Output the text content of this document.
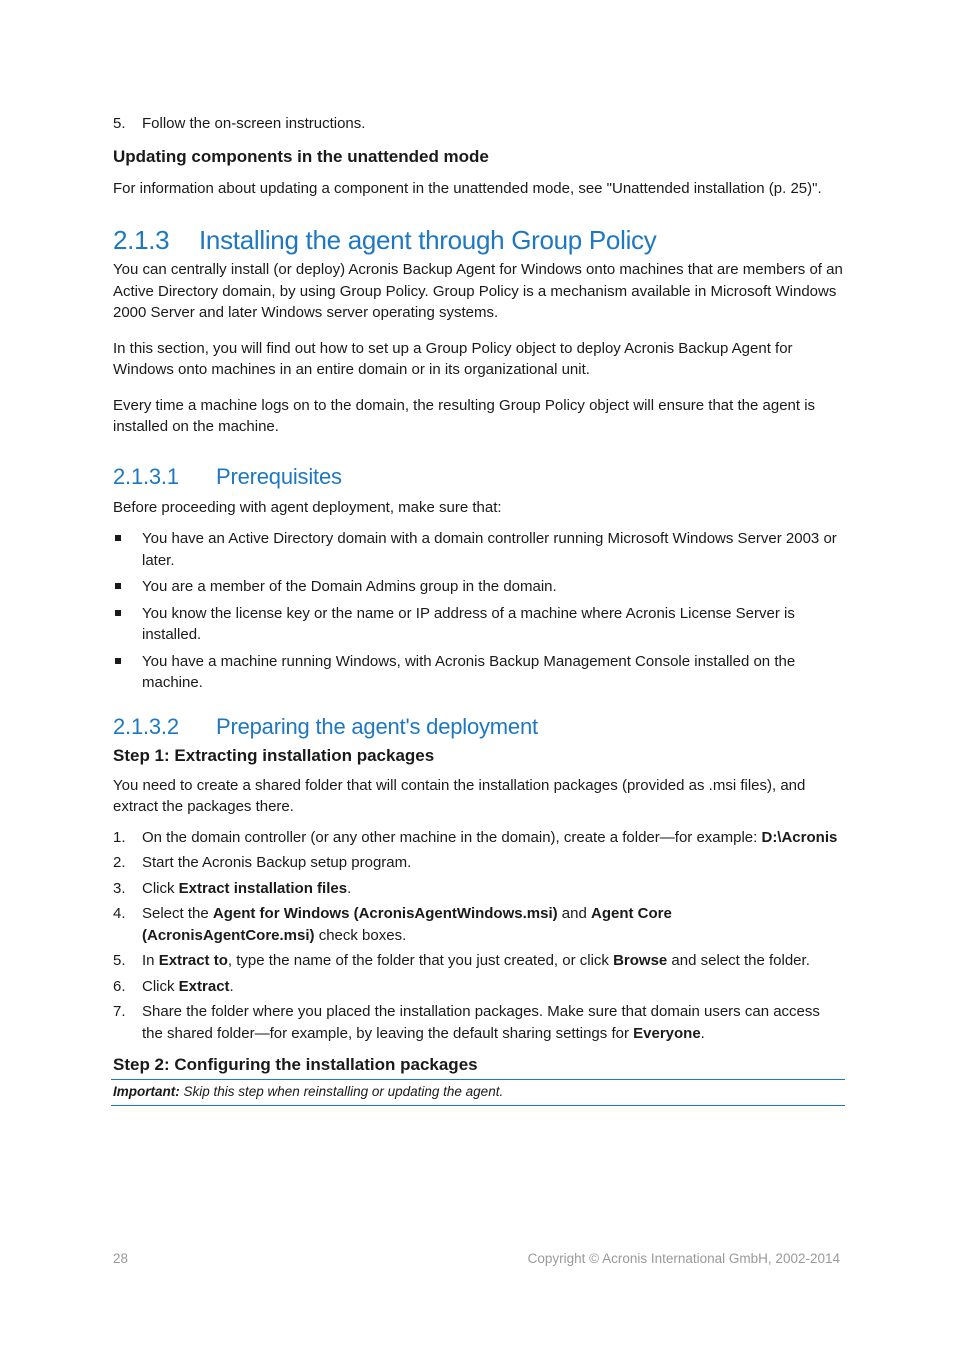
5.	Follow the on-screen instructions.
Updating components in the unattended mode

For information about updating a component in the unattended mode, see "Unattended installation (p. 25)".

2.1.3 Installing the agent through Group Policy

You can centrally install (or deploy) Acronis Backup Agent for Windows onto machines that are members of an Active Directory domain, by using Group Policy. Group Policy is a mechanism available in Microsoft Windows 2000 Server and later Windows server operating systems.

In this section, you will find out how to set up a Group Policy object to deploy Acronis Backup Agent for Windows onto machines in an entire domain or in its organizational unit.

Every time a machine logs on to the domain, the resulting Group Policy object will ensure that the agent is installed on the machine.

2.1.3.1 Prerequisites

Before proceeding with agent deployment, make sure that:

You have an Active Directory domain with a domain controller running Microsoft Windows Server 2003 or later.
You are a member of the Domain Admins group in the domain.
You know the license key or the name or IP address of a machine where Acronis License Server is installed.
You have a machine running Windows, with Acronis Backup Management Console installed on the machine.
2.1.3.2 Preparing the agent's deployment
Step 1: Extracting installation packages

You need to create a shared folder that will contain the installation packages (provided as .msi files), and extract the packages there.

1.	On the domain controller (or any other machine in the domain), create a folder—for example: D:\Acronis
2.	Start the Acronis Backup setup program.
3.	Click Extract installation files.
4.	Select the Agent for Windows (AcronisAgentWindows.msi) and Agent Core (AcronisAgentCore.msi) check boxes.
5.	In Extract to, type the name of the folder that you just created, or click Browse and select the folder.
6.	Click Extract.
7.	Share the folder where you placed the installation packages. Make sure that domain users can access the shared folder—for example, by leaving the default sharing settings for Everyone.
Step 2: Configuring the installation packages
Important: Skip this step when reinstalling or updating the agent.
28	Copyright © Acronis International GmbH, 2002-2014
